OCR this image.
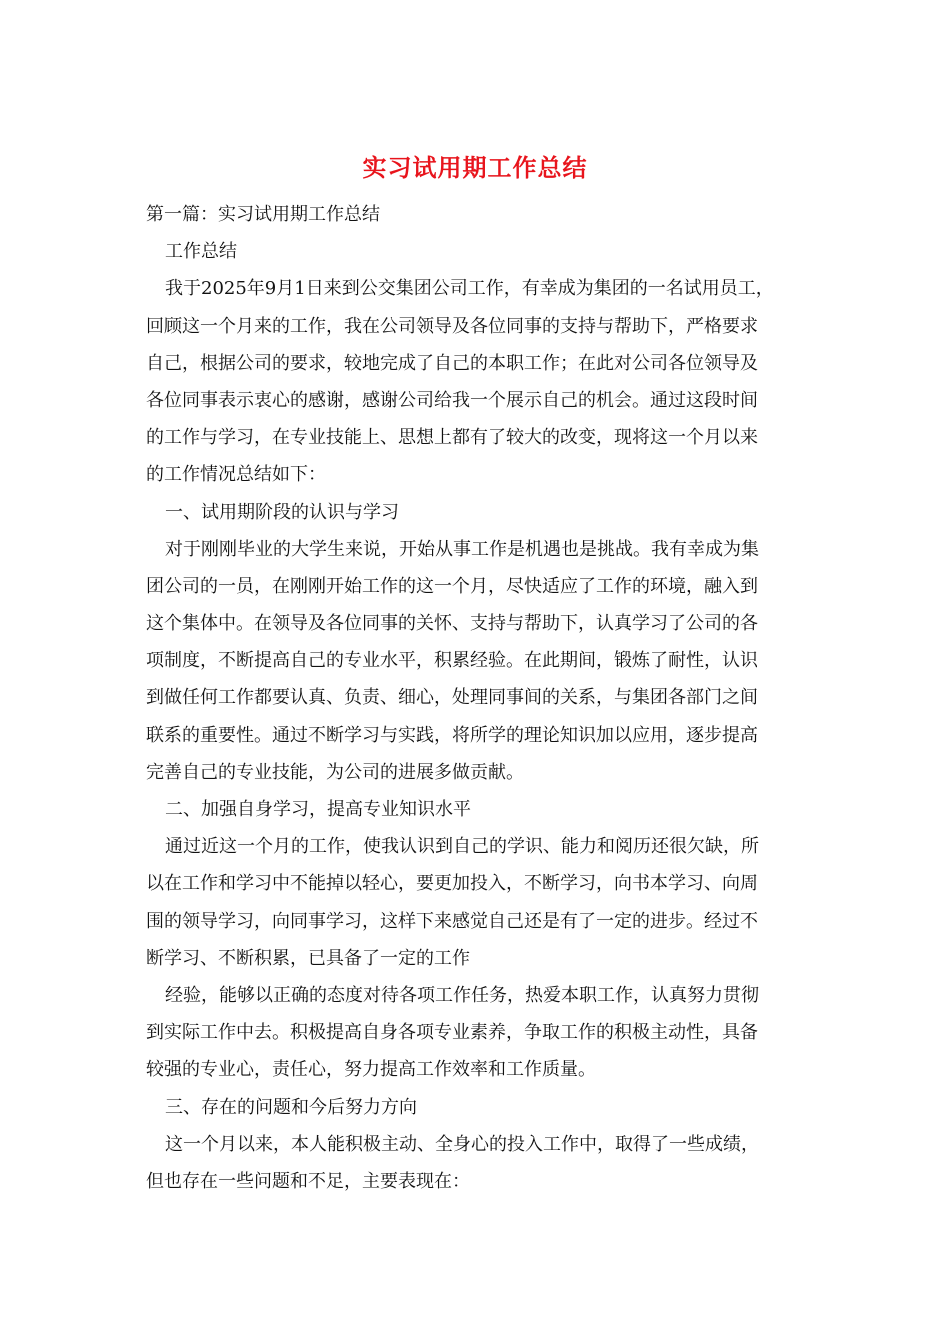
实习试用期工作总结

第一篇：实习试用期工作总结

工作总结

我于2025年9月1日来到公交集团公司工作，有幸成为集团的一名试用员工，

回顾这一个月来的工作，我在公司领导及各位同事的支持与帮助下，严格要求

自己，根据公司的要求，较地完成了自己的本职工作；在此对公司各位领导及

各位同事表示衷心的感谢，感谢公司给我一个展示自己的机会。通过这段时间

的工作与学习，在专业技能上、思想上都有了较大的改变，现将这一个月以来

的工作情况总结如下：

一、试用期阶段的认识与学习

对于刚刚毕业的大学生来说，开始从事工作是机遇也是挑战。我有幸成为集

团公司的一员，在刚刚开始工作的这一个月，尽快适应了工作的环境，融入到

这个集体中。在领导及各位同事的关怀、支持与帮助下，认真学习了公司的各

项制度，不断提高自己的专业水平，积累经验。在此期间，锻炼了耐性，认识

到做任何工作都要认真、负责、细心，处理同事间的关系，与集团各部门之间

联系的重要性。通过不断学习与实践，将所学的理论知识加以应用，逐步提高

完善自己的专业技能，为公司的进展多做贡献。

二、加强自身学习，提高专业知识水平

通过近这一个月的工作，使我认识到自己的学识、能力和阅历还很欠缺，所

以在工作和学习中不能掉以轻心，要更加投入，不断学习，向书本学习、向周

围的领导学习，向同事学习，这样下来感觉自己还是有了一定的进步。经过不

断学习、不断积累，已具备了一定的工作

经验，能够以正确的态度对待各项工作任务，热爱本职工作，认真努力贯彻

到实际工作中去。积极提高自身各项专业素养，争取工作的积极主动性，具备

较强的专业心，责任心，努力提高工作效率和工作质量。

三、存在的问题和今后努力方向

这一个月以来，本人能积极主动、全身心的投入工作中，取得了一些成绩，

但也存在一些问题和不足，主要表现在：
